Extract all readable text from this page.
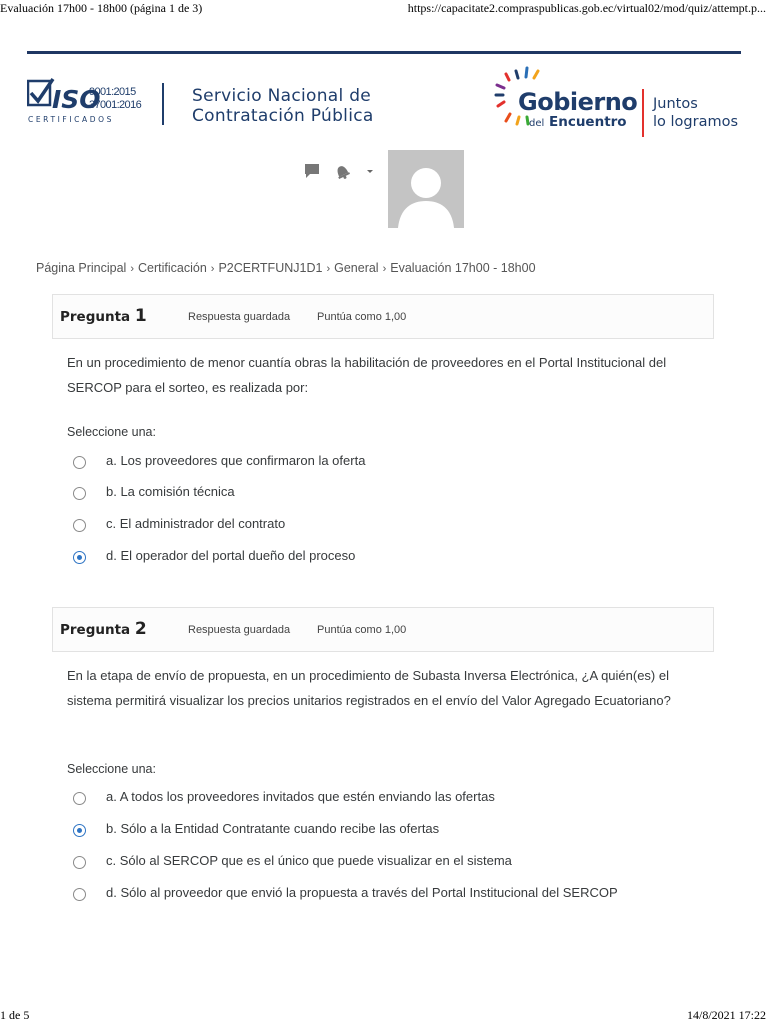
Evaluación 17h00 - 18h00 (página 1 de 3)	https://capacitate2.compraspublicas.gob.ec/virtual02/mod/quiz/attempt.p...
ISO
9001:2015
37001:2016
CERTIFICADOS
Servicio Nacional de
Contratación Pública	Gobierno
del Encuentro
Juntos
lo logramos
Página Principal › Certificación › P2CERTFUNJ1D1 › General › Evaluación 17h00 - 18h00
Pregunta 1	Respuesta guardada Puntúa como 1,00
En un procedimiento de menor cuantía obras la habilitación de proveedores en el Portal Institucional del SERCOP para el sorteo, es realizada por:
Seleccione una:
a. Los proveedores que confirmaron la oferta
b. La comisión técnica
c. El administrador del contrato
d. El operador del portal dueño del proceso
Pregunta 2	Respuesta guardada Puntúa como 1,00
En la etapa de envío de propuesta, en un procedimiento de Subasta Inversa Electrónica, ¿A quién(es) el sistema permitirá visualizar los precios unitarios registrados en el envío del Valor Agregado Ecuatoriano?
Seleccione una:
a. A todos los proveedores invitados que estén enviando las ofertas
b. Sólo a la Entidad Contratante cuando recibe las ofertas
c. Sólo al SERCOP que es el único que puede visualizar en el sistema
d. Sólo al proveedor que envió la propuesta a través del Portal Institucional del SERCOP
1 de 5	14/8/2021 17:22
